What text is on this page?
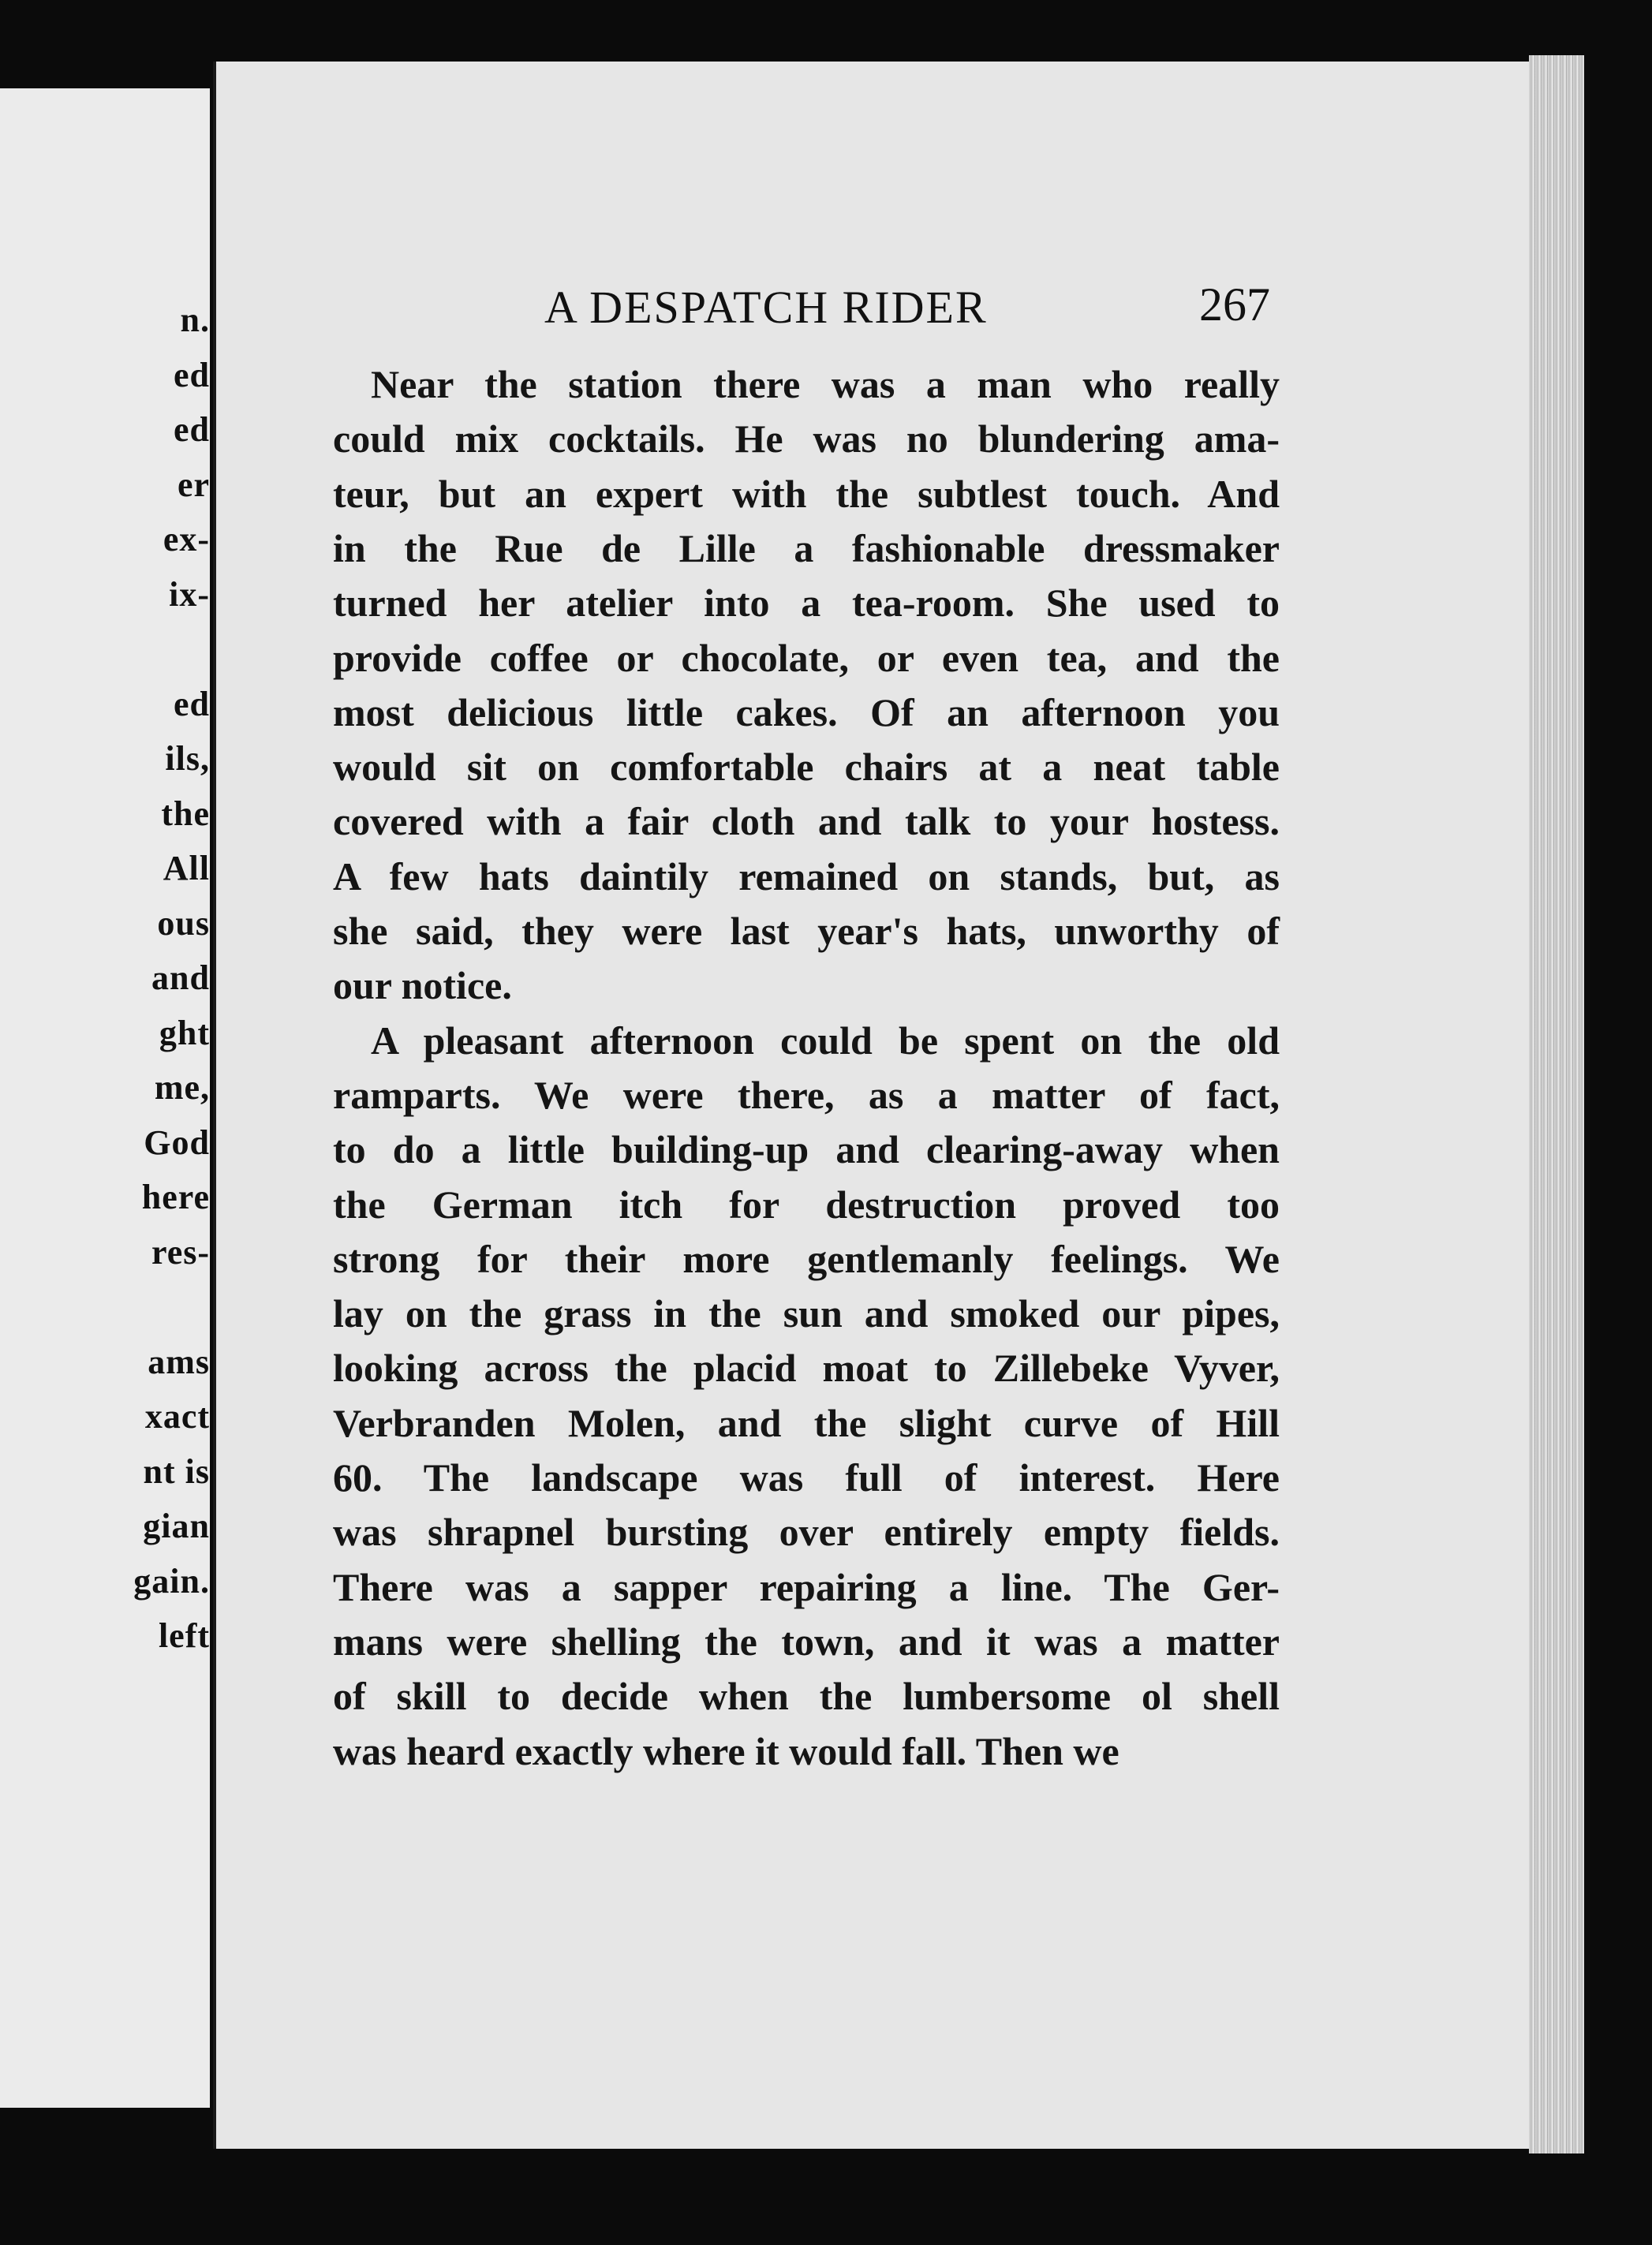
n.
ed
ed
er
ex-
ix-
ed
ils,
the
All
ous
and
ght
me,
God
here
res-
ams
xact
nt is
gian
gain.
left
A DESPATCH RIDER	267
Near the station there was a man who really
could mix cocktails. He was no blundering ama-
teur, but an expert with the subtlest touch. And
in the Rue de Lille a fashionable dressmaker
turned her atelier into a tea-room. She used to
provide coffee or chocolate, or even tea, and the
most delicious little cakes. Of an afternoon you
would sit on comfortable chairs at a neat table
covered with a fair cloth and talk to your hostess.
A few hats daintily remained on stands, but, as
she said, they were last year's hats, unworthy of
our notice.
A pleasant afternoon could be spent on the old
ramparts. We were there, as a matter of fact,
to do a little building-up and clearing-away when
the German itch for destruction proved too
strong for their more gentlemanly feelings. We
lay on the grass in the sun and smoked our pipes,
looking across the placid moat to Zillebeke Vyver,
Verbranden Molen, and the slight curve of Hill
60. The landscape was full of interest. Here
was shrapnel bursting over entirely empty fields.
There was a sapper repairing a line. The Ger-
mans were shelling the town, and it was a matter
of skill to decide when the lumbersome ol shell
was heard exactly where it would fall. Then we
